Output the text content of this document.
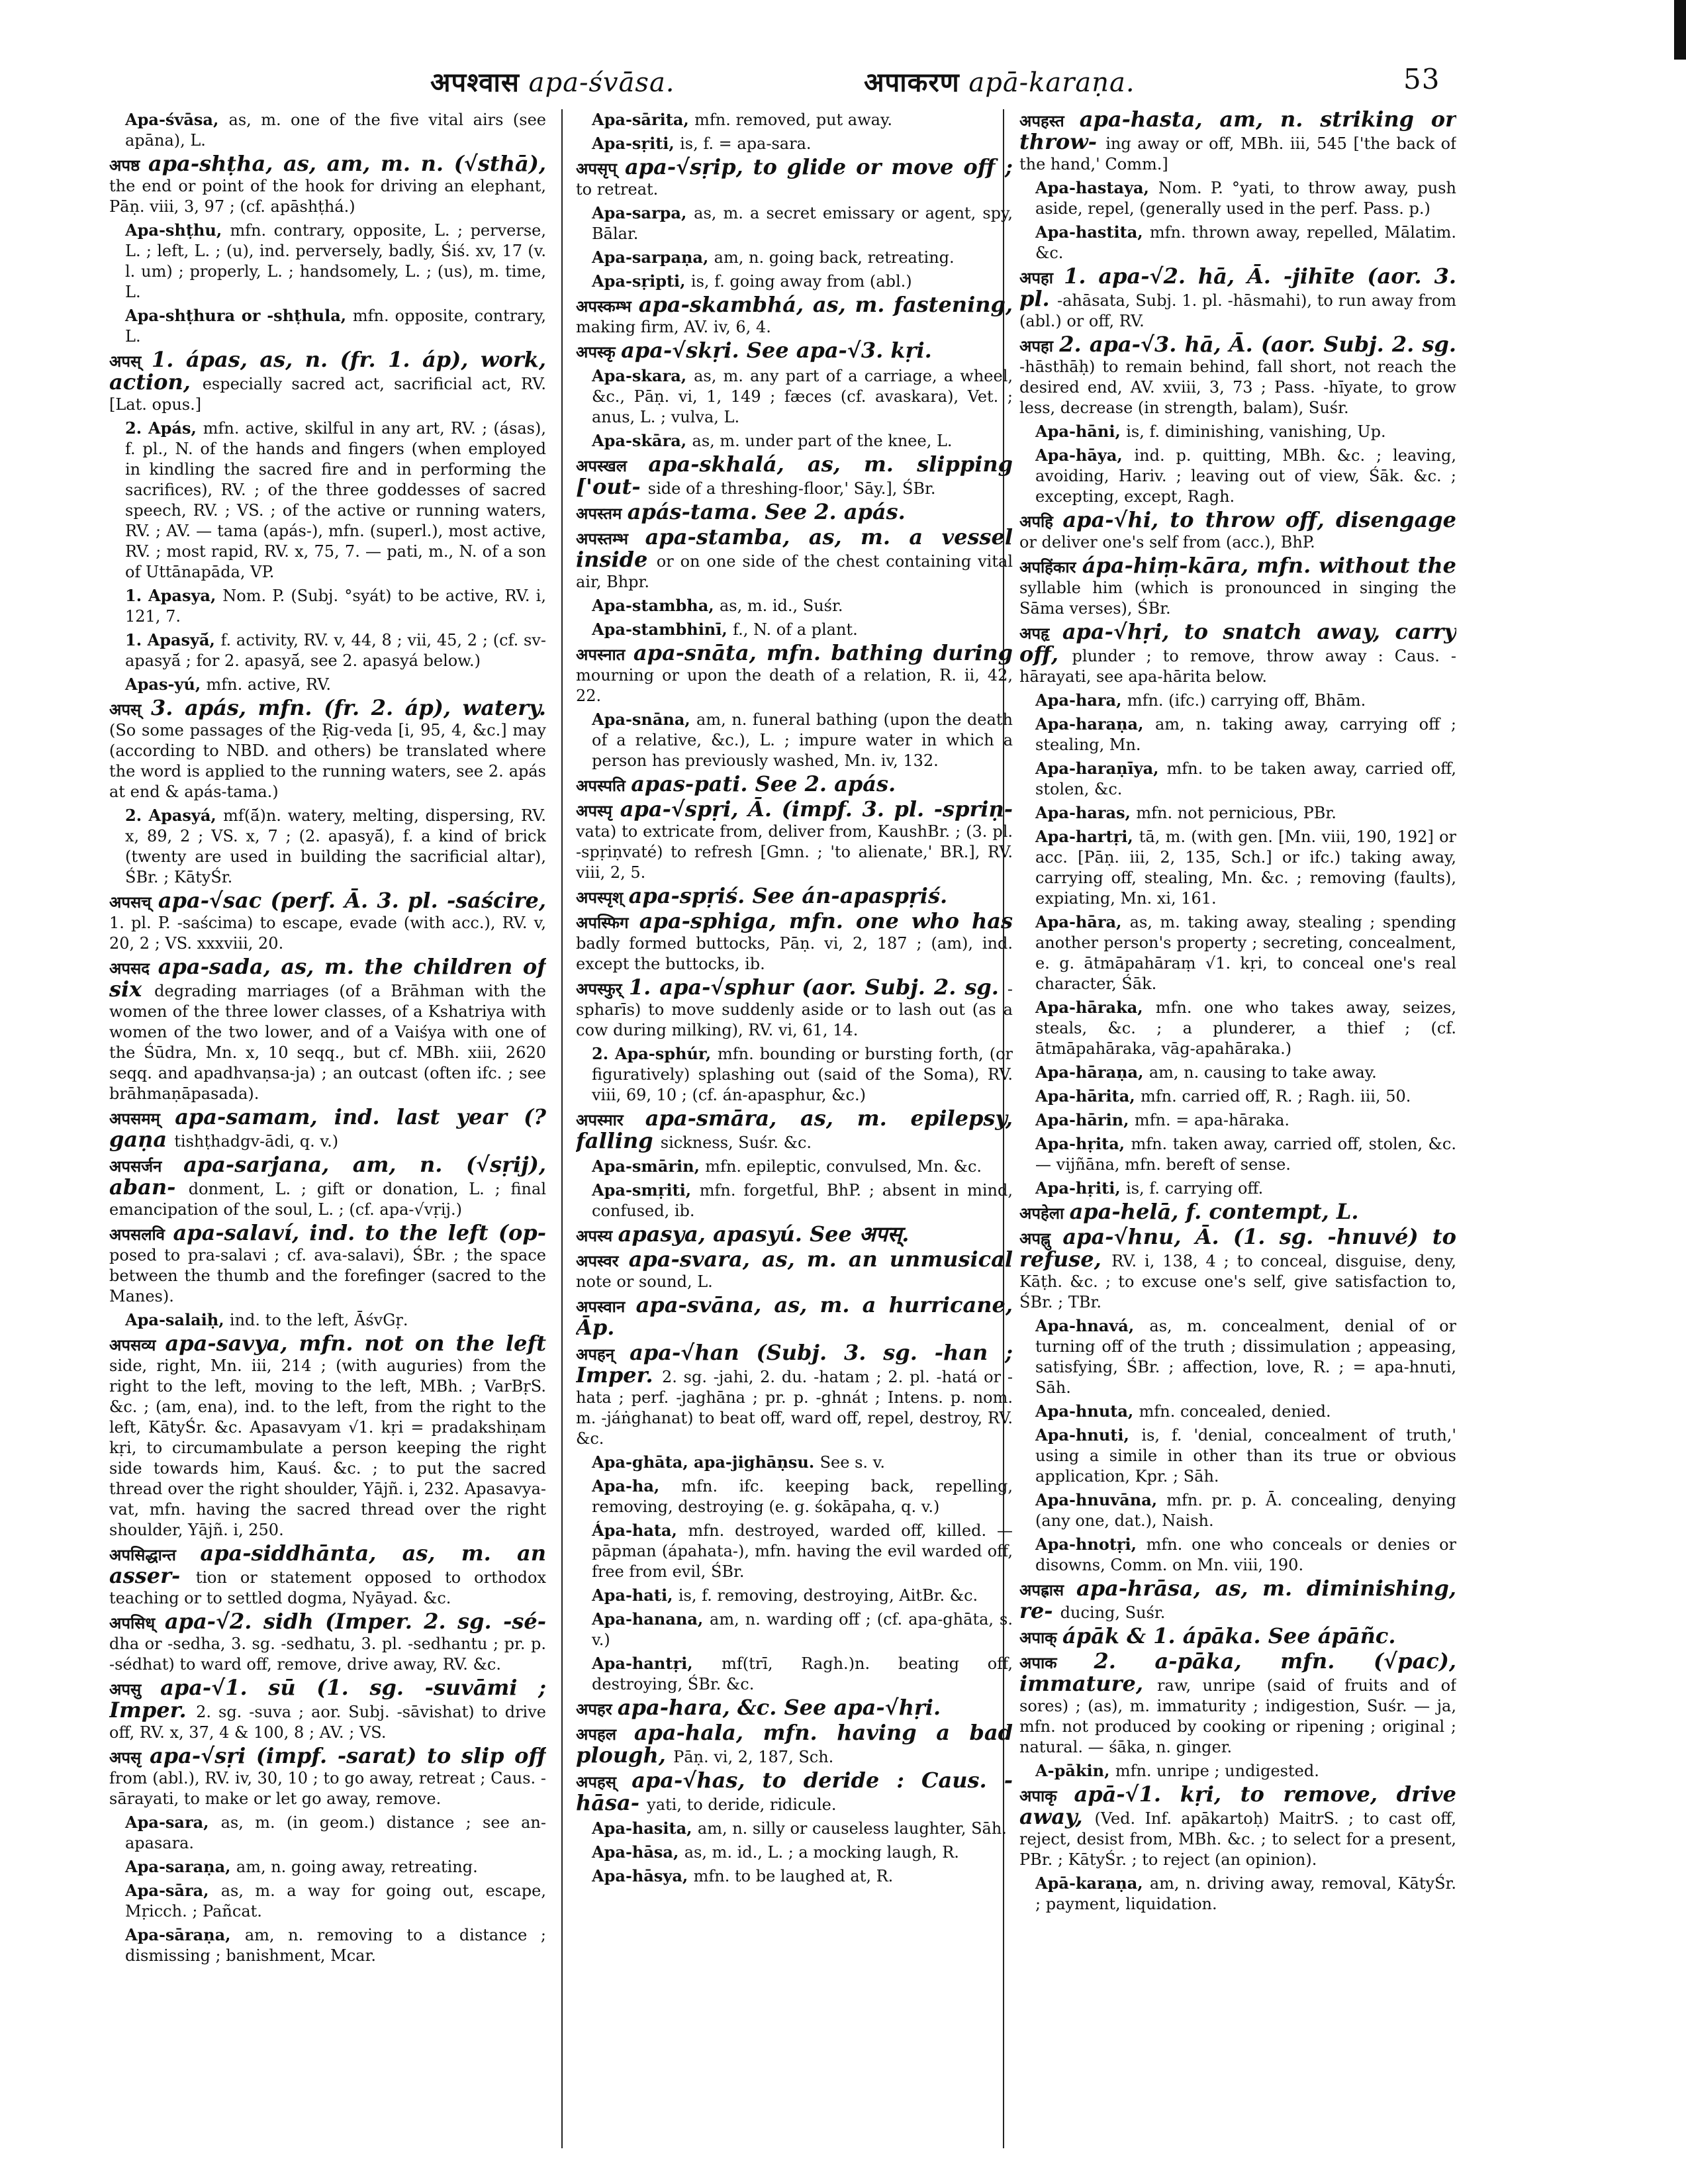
अपश्वास apa-śvāsa.	अपाकरण apā-karaṇa.	53

Apa-śvāsa, as, m. one of the five vital airs (see apāna), L.

अपष्ठ apa-shṭha, as, am, m. n. (√sthā), the end or point of the hook for driving an elephant, Pāṇ. viii, 3, 97 ; (cf. apāshṭhá.)

Apa-shṭhu, mfn. contrary, opposite, L. ; perverse, L. ; left, L. ; (u), ind. perversely, badly, Śiś. xv, 17 (v. l. um) ; properly, L. ; handsomely, L. ; (us), m. time, L.

Apa-shṭhura or -shṭhula, mfn. opposite, contrary, L.

अपस् 1. ápas, as, n. (fr. 1. áp), work, action, especially sacred act, sacrificial act, RV. [Lat. opus.]

2. Apás, mfn. active, skilful in any art, RV. ; (ásas), f. pl., N. of the hands and fingers (when employed in kindling the sacred fire and in performing the sacrifices), RV. ; of the three goddesses of sacred speech, RV. ; VS. ; of the active or running waters, RV. ; AV. — tama (apás-), mfn. (superl.), most active, RV. ; most rapid, RV. x, 75, 7. — pati, m., N. of a son of Uttānapāda, VP.

1. Apasya, Nom. P. (Subj. °syát) to be active, RV. i, 121, 7.

1. Apasyā́, f. activity, RV. v, 44, 8 ; vii, 45, 2 ; (cf. sv-apasyā́ ; for 2. apasyā́, see 2. apasyá below.)

Apas-yú, mfn. active, RV.

अपस् 3. apás, mfn. (fr. 2. áp), watery. (So some passages of the Ṛig-veda [i, 95, 4, &c.] may (according to NBD. and others) be translated where the word is applied to the running waters, see 2. apás at end & apás-tama.)

2. Apasyá, mf(ā́)n. watery, melting, dispersing, RV. x, 89, 2 ; VS. x, 7 ; (2. apasyā́), f. a kind of brick (twenty are used in building the sacrificial altar), ŚBr. ; KātyŚr.

अपसच् apa-√sac (perf. Ā. 3. pl. -saścire, 1. pl. P. -saścima) to escape, evade (with acc.), RV. v, 20, 2 ; VS. xxxviii, 20.

अपसद apa-sada, as, m. the children of six degrading marriages (of a Brāhman with the women of the three lower classes, of a Kshatriya with women of the two lower, and of a Vaiśya with one of the Śūdra, Mn. x, 10 seqq., but cf. MBh. xiii, 2620 seqq. and apadhvaṇsa-ja) ; an outcast (often ifc. ; see brāhmaṇāpasada).

अपसमम् apa-samam, ind. last year (? gaṇa tishṭhadgv-ādi, q. v.)

अपसर्जन apa-sarjana, am, n. (√sṛij), aban- donment, L. ; gift or donation, L. ; final emancipation of the soul, L. ; (cf. apa-√vṛij.)

अपसलवि apa-salaví, ind. to the left (op- posed to pra-salavi ; cf. ava-salavi), ŚBr. ; the space between the thumb and the forefinger (sacred to the Manes).

Apa-salaiḥ, ind. to the left, ĀśvGṛ.

अपसव्य apa-savya, mfn. not on the left side, right, Mn. iii, 214 ; (with auguries) from the right to the left, moving to the left, MBh. ; VarBṛS. &c. ; (am, ena), ind. to the left, from the right to the left, KātyŚr. &c. Apasavyam √1. kṛi = pradakshiṇam kṛi, to circumambulate a person keeping the right side towards him, Kauś. &c. ; to put the sacred thread over the right shoulder, Yājñ. i, 232. Apasavya-vat, mfn. having the sacred thread over the right shoulder, Yājñ. i, 250.

अपसिद्धान्त apa-siddhānta, as, m. an asser- tion or statement opposed to orthodox teaching or to settled dogma, Nyāyad. &c.

अपसिध् apa-√2. sidh (Imper. 2. sg. -sé- dha or -sedha, 3. sg. -sedhatu, 3. pl. -sedhantu ; pr. p. -sédhat) to ward off, remove, drive away, RV. &c.

अपसु apa-√1. sū (1. sg. -suvāmi ; Imper. 2. sg. -suva ; aor. Subj. -sāvishat) to drive off, RV. x, 37, 4 & 100, 8 ; AV. ; VS.

अपसृ apa-√sṛi (impf. -sarat) to slip off from (abl.), RV. iv, 30, 10 ; to go away, retreat ; Caus. -sārayati, to make or let go away, remove.

Apa-sara, as, m. (in geom.) distance ; see an-apasara.

Apa-saraṇa, am, n. going away, retreating.

Apa-sāra, as, m. a way for going out, escape, Mṛicch. ; Pañcat.

Apa-sāraṇa, am, n. removing to a distance ; dismissing ; banishment, Mcar.

Apa-sārita, mfn. removed, put away.

Apa-sṛiti, is, f. = apa-sara.

अपसृप् apa-√sṛip, to glide or move off ; to retreat.

Apa-sarpa, as, m. a secret emissary or agent, spy, Bālar.

Apa-sarpaṇa, am, n. going back, retreating.

Apa-sṛipti, is, f. going away from (abl.)

अपस्कम्भ apa-skambhá, as, m. fastening, making firm, AV. iv, 6, 4.

अपस्कृ apa-√skṛi. See apa-√3. kṛi.

Apa-skara, as, m. any part of a carriage, a wheel, &c., Pāṇ. vi, 1, 149 ; fæces (cf. avaskara), Vet. ; anus, L. ; vulva, L.

Apa-skāra, as, m. under part of the knee, L.

अपस्खल apa-skhalá, as, m. slipping ['out- side of a threshing-floor,' Sāy.], ŚBr.

अपस्तम apás-tama. See 2. apás.

अपस्तम्भ apa-stamba, as, m. a vessel inside or on one side of the chest containing vital air, Bhpr.

Apa-stambha, as, m. id., Suśr.

Apa-stambhinī, f., N. of a plant.

अपस्नात apa-snāta, mfn. bathing during mourning or upon the death of a relation, R. ii, 42, 22.

Apa-snāna, am, n. funeral bathing (upon the death of a relative, &c.), L. ; impure water in which a person has previously washed, Mn. iv, 132.

अपस्पति apas-pati. See 2. apás.

अपस्पृ apa-√spṛi, Ā. (impf. 3. pl. -spriṇ- vata) to extricate from, deliver from, KaushBr. ; (3. pl. -spṛiṇvaté) to refresh [Gmn. ; 'to alienate,' BR.], RV. viii, 2, 5.

अपस्पृश् apa-spṛiś. See án-apaspṛiś.

अपस्फिग apa-sphiga, mfn. one who has badly formed buttocks, Pāṇ. vi, 2, 187 ; (am), ind. except the buttocks, ib.

अपस्फुर् 1. apa-√sphur (aor. Subj. 2. sg. -spharīs) to move suddenly aside or to lash out (as a cow during milking), RV. vi, 61, 14.

2. Apa-sphúr, mfn. bounding or bursting forth, (or figuratively) splashing out (said of the Soma), RV. viii, 69, 10 ; (cf. án-apasphur, &c.)

अपस्मार apa-smāra, as, m. epilepsy, falling sickness, Suśr. &c.

Apa-smārin, mfn. epileptic, convulsed, Mn. &c.

Apa-smṛiti, mfn. forgetful, BhP. ; absent in mind, confused, ib.

अपस्य apasya, apasyú. See अपस्.

अपस्वर apa-svara, as, m. an unmusical note or sound, L.

अपस्वान apa-svāna, as, m. a hurricane, Āp.

अपहन् apa-√han (Subj. 3. sg. -han ; Imper. 2. sg. -jahi, 2. du. -hatam ; 2. pl. -hatá or -hata ; perf. -jaghāna ; pr. p. -ghnát ; Intens. p. nom. m. -jáṅghanat) to beat off, ward off, repel, destroy, RV. &c.

Apa-ghāta, apa-jighāṇsu. See s. v.

Apa-ha, mfn. ifc. keeping back, repelling, removing, destroying (e. g. śokāpaha, q. v.)

Ápa-hata, mfn. destroyed, warded off, killed. — pāpman (ápahata-), mfn. having the evil warded off, free from evil, ŚBr.

Apa-hati, is, f. removing, destroying, AitBr. &c.

Apa-hanana, am, n. warding off ; (cf. apa-ghāta, s. v.)

Apa-hantṛi, mf(trī, Ragh.)n. beating off, destroying, ŚBr. &c.

अपहर apa-hara, &c. See apa-√hṛi.

अपहल apa-hala, mfn. having a bad plough, Pāṇ. vi, 2, 187, Sch.

अपहस् apa-√has, to deride : Caus. -hāsa- yati, to deride, ridicule.

Apa-hasita, am, n. silly or causeless laughter, Sāh.

Apa-hāsa, as, m. id., L. ; a mocking laugh, R.

Apa-hāsya, mfn. to be laughed at, R.

अपहस्त apa-hasta, am, n. striking or throw- ing away or off, MBh. iii, 545 ['the back of the hand,' Comm.]

Apa-hastaya, Nom. P. °yati, to throw away, push aside, repel, (generally used in the perf. Pass. p.)

Apa-hastita, mfn. thrown away, repelled, Mālatim. &c.

अपहा 1. apa-√2. hā, Ā. -jihīte (aor. 3. pl. -ahāsata, Subj. 1. pl. -hāsmahi), to run away from (abl.) or off, RV.

अपहा 2. apa-√3. hā, Ā. (aor. Subj. 2. sg. -hāsthāḥ) to remain behind, fall short, not reach the desired end, AV. xviii, 3, 73 ; Pass. -hīyate, to grow less, decrease (in strength, balam), Suśr.

Apa-hāni, is, f. diminishing, vanishing, Up.

Apa-hāya, ind. p. quitting, MBh. &c. ; leaving, avoiding, Hariv. ; leaving out of view, Śāk. &c. ; excepting, except, Ragh.

अपहि apa-√hi, to throw off, disengage or deliver one's self from (acc.), BhP.

अपहिंकार ápa-hiṃ-kāra, mfn. without the syllable him (which is pronounced in singing the Sāma verses), ŚBr.

अपहृ apa-√hṛi, to snatch away, carry off, plunder ; to remove, throw away : Caus. -hārayati, see apa-hārita below.

Apa-hara, mfn. (ifc.) carrying off, Bhām.

Apa-haraṇa, am, n. taking away, carrying off ; stealing, Mn.

Apa-haraṇīya, mfn. to be taken away, carried off, stolen, &c.

Apa-haras, mfn. not pernicious, PBr.

Apa-hartṛi, tā, m. (with gen. [Mn. viii, 190, 192] or acc. [Pāṇ. iii, 2, 135, Sch.] or ifc.) taking away, carrying off, stealing, Mn. &c. ; removing (faults), expiating, Mn. xi, 161.

Apa-hāra, as, m. taking away, stealing ; spending another person's property ; secreting, concealment, e. g. ātmāpahāraṃ √1. kṛi, to conceal one's real character, Śāk.

Apa-hāraka, mfn. one who takes away, seizes, steals, &c. ; a plunderer, a thief ; (cf. ātmāpahāraka, vāg-apahāraka.)

Apa-hāraṇa, am, n. causing to take away.

Apa-hārita, mfn. carried off, R. ; Ragh. iii, 50.

Apa-hārin, mfn. = apa-hāraka.

Apa-hṛita, mfn. taken away, carried off, stolen, &c. — vijñāna, mfn. bereft of sense.

Apa-hṛiti, is, f. carrying off.

अपहेला apa-helā, f. contempt, L.

अपह्नु apa-√hnu, Ā. (1. sg. -hnuvé) to refuse, RV. i, 138, 4 ; to conceal, disguise, deny, Kāṭh. &c. ; to excuse one's self, give satisfaction to, ŚBr. ; TBr.

Apa-hnavá, as, m. concealment, denial of or turning off of the truth ; dissimulation ; appeasing, satisfying, ŚBr. ; affection, love, R. ; = apa-hnuti, Sāh.

Apa-hnuta, mfn. concealed, denied.

Apa-hnuti, is, f. 'denial, concealment of truth,' using a simile in other than its true or obvious application, Kpr. ; Sāh.

Apa-hnuvāna, mfn. pr. p. Ā. concealing, denying (any one, dat.), Naish.

Apa-hnotṛi, mfn. one who conceals or denies or disowns, Comm. on Mn. viii, 190.

अपह्रास apa-hrāsa, as, m. diminishing, re- ducing, Suśr.

अपाक् ápāk & 1. ápāka. See ápāñc.

अपाक 2. a-pāka, mfn. (√pac), immature, raw, unripe (said of fruits and of sores) ; (as), m. immaturity ; indigestion, Suśr. — ja, mfn. not produced by cooking or ripening ; original ; natural. — śāka, n. ginger.

A-pākin, mfn. unripe ; undigested.

अपाकृ apā-√1. kṛi, to remove, drive away, (Ved. Inf. apākartoḥ) MaitrS. ; to cast off, reject, desist from, MBh. &c. ; to select for a present, PBr. ; KātyŚr. ; to reject (an opinion).

Apā-karaṇa, am, n. driving away, removal, KātyŚr. ; payment, liquidation.
